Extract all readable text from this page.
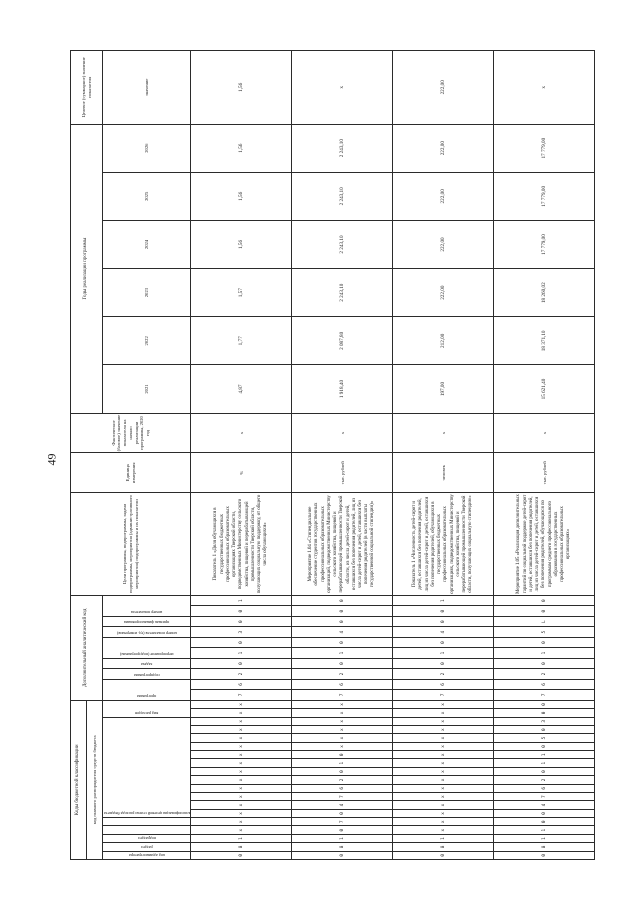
49
Коды бюджетной классификации																			Дополнительный аналитический код										Цели программы, подпрограммы, задачи подпрограммы, мероприятия (административного мероприятия) подпрограммы и их показатели	Единица измерения	Фактическое (базовое) значение показателя на начало реализации программы, 2020 год	Годы реализации программы						Целевое (суммарное) значение показателя
код главного распорядителя средств бюджета																																						

код администратора	раздел	подраздел			классификация целевой статьи расхода бюджета												вид расходов		программа		подпрограмма	задача	мероприятие (подпрограммы)		номер показателя (ед. измерения)	признак финансирования	номер показателя					2021	2022	2023	2024	2025	2026	значение
0	8	1	x	x	x	x	x	x	x	x	x	x	x	x	x	x	x	x	7	6	2	0	1	0	3	0	0	1	Показатель 1 «Доля обучающихся в государственных бюджетных профессиональных образовательных организациях Тверской области, подведомственных Министерству сельского хозяйства, пищевой и перерабатывающей промышленности Тверской области, получающих социальную поддержку, от общего числа обучающихся»	%	x	4,87	1,77	1,57	1,56	1,56	1,56	1,56
0	8	1	0	7	0	4	7	6	2	0	1	0	x	x	x	x	x	x	7	6	2	0	1	0	4	0	0	0	Мероприятие 1.04 «Стипендиальное обеспечение студентов государственных профессиональных образовательных организаций, подведомственных Министерству сельского хозяйства, пищевой и перерабатывающей промышленности Тверской области, из числа детей-сирот и детей, оставшихся без попечения родителей, лиц из числа детей-сирот и детей, оставшихся без попечения родителей (в части выплаты государственной социальной стипендии)»	тыс. рублей	x	1 918,40	2 087,80	2 243,10	2 243,10	2 243,10	2 243,10	x
0	8	1	x	x	x	x	x	x	x	x	x	x	x	x	x	x	x	x	7	6	2	0	1	0	4	0	0	1	Показатель 1 «Численность детей-сирот и детей, оставшихся без попечения родителей, лиц из числа детей-сирот и детей, оставшихся без попечения родителей, обучающихся в государственных бюджетных профессиональных образовательных организациях, подведомственных Министерству сельского хозяйства, пищевой и перерабатывающей промышленности Тверской области, получающих социальную стипендию»	человек	x	197,00	212,00	222,00	222,00	222,00	222,00	222,00
0	8	1	1	0	0	4	7	6	2	0	1	1	0	5	0	3	0	0	7	6	2	0	1	0	5	L	0	0	Мероприятие 1.05 «Реализация дополнительных гарантий по социальной поддержке детей-сирот и детей, оставшихся без попечения родителей, лиц из числа детей-сирот и детей, оставшихся без попечения родителей, обучающихся по программам среднего профессионального образования в государственных профессиональных образовательных организациях»	тыс. рублей	x	15 621,40	18 371,10	18 260,02	17 779,00	17 779,00	17 779,00	x
